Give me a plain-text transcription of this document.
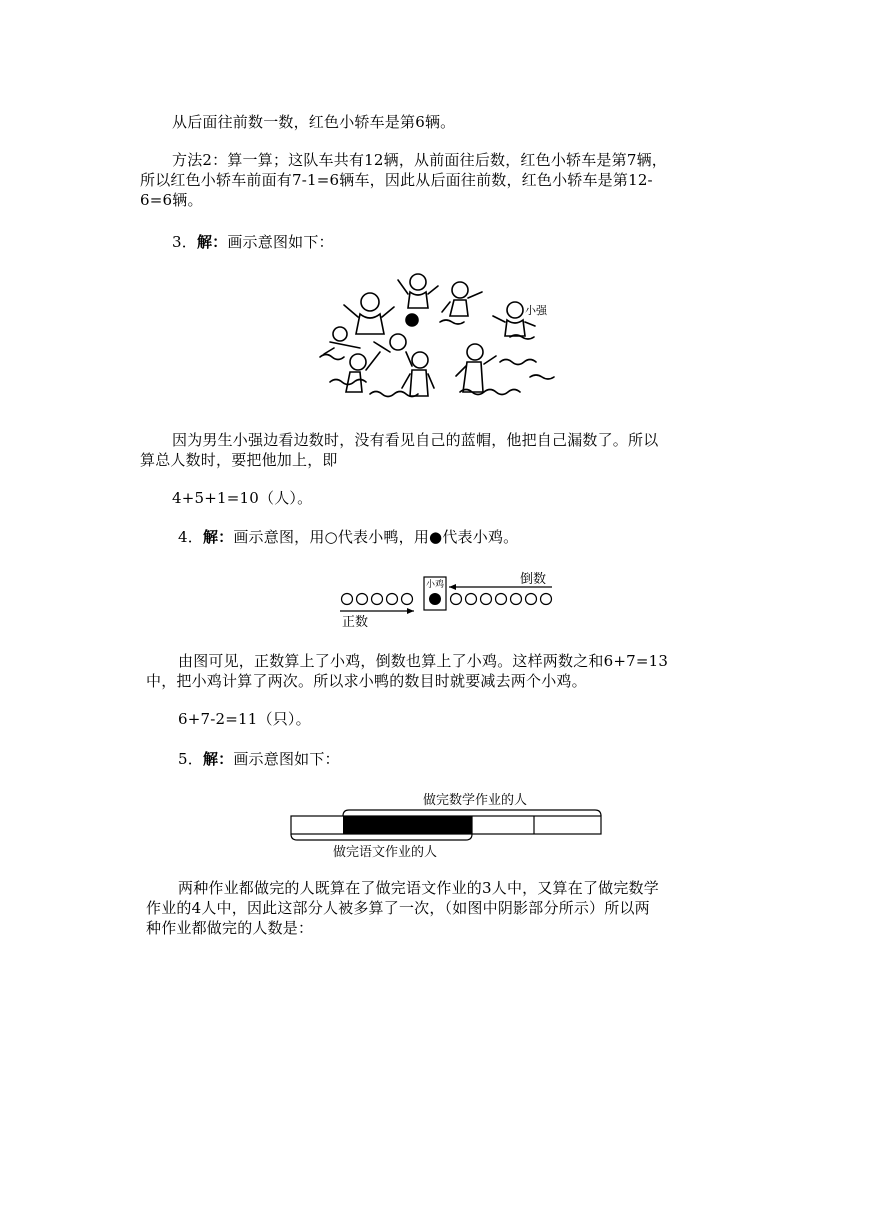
从后面往前数一数，红色小轿车是第6辆。
方法2：算一算；这队车共有12辆，从前面往后数，红色小轿车是第7辆，
所以红色小轿车前面有7-1=6辆车，因此从后面往前数，红色小轿车是第12-
6=6辆。
3．解：画示意图如下：
小强
因为男生小强边看边数时，没有看见自己的蓝帽，他把自己漏数了。所以
算总人数时，要把他加上，即
4+5+1=10（人）。
4．解：画示意图，用○代表小鸭，用●代表小鸡。
小鸡	倒数
正数
由图可见，正数算上了小鸡，倒数也算上了小鸡。这样两数之和6+7=13
中，把小鸡计算了两次。所以求小鸭的数目时就要减去两个小鸡。
6+7-2=11（只）。
5．解：画示意图如下：
做完数学作业的人
做完语文作业的人
两种作业都做完的人既算在了做完语文作业的3人中，又算在了做完数学
作业的4人中，因此这部分人被多算了一次，（如图中阴影部分所示）所以两
种作业都做完的人数是：
